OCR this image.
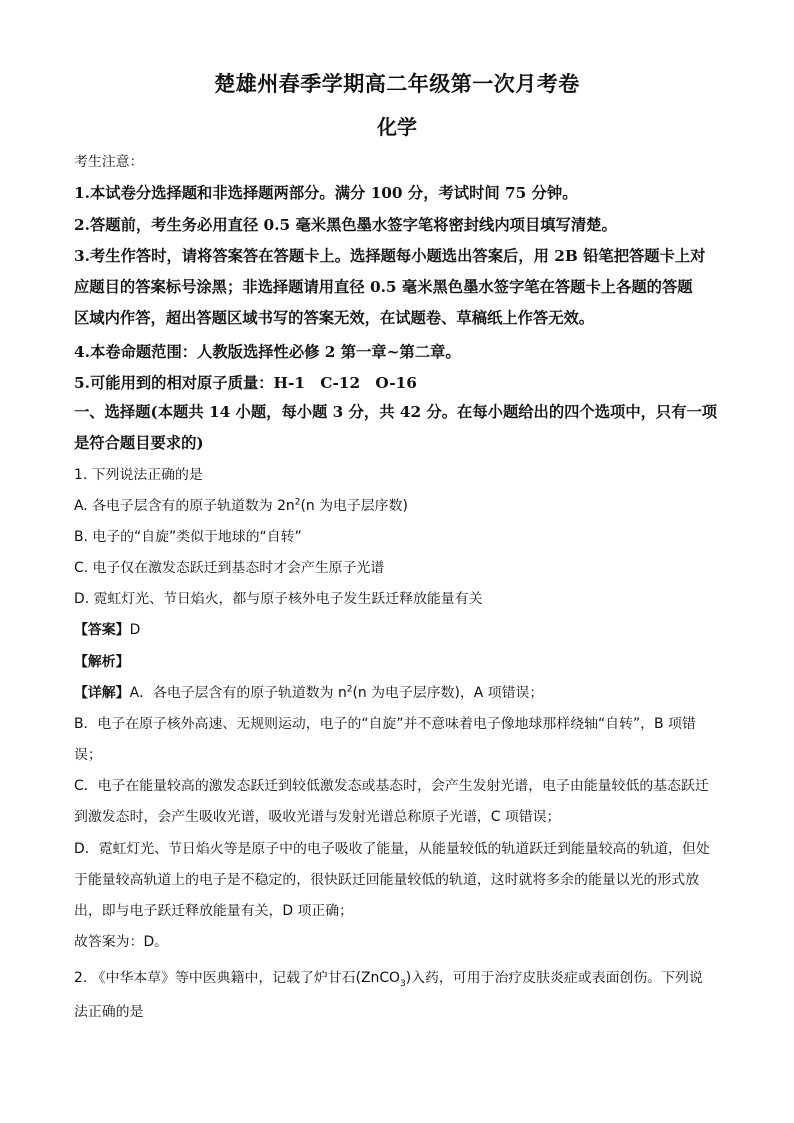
楚雄州春季学期高二年级第一次月考卷
化学
考生注意：
1.本试卷分选择题和非选择题两部分。满分 100 分，考试时间 75 分钟。
2.答题前，考生务必用直径 0.5 毫米黑色墨水签字笔将密封线内项目填写清楚。
3.考生作答时，请将答案答在答题卡上。选择题每小题选出答案后，用 2B 铅笔把答题卡上对
应题目的答案标号涂黑；非选择题请用直径 0.5 毫米黑色墨水签字笔在答题卡上各题的答题
区域内作答，超出答题区域书写的答案无效，在试题卷、草稿纸上作答无效。
4.本卷命题范围：人教版选择性必修 2 第一章~第二章。
5.可能用到的相对原子质量：H-1　C-12　O-16
一、选择题(本题共 14 小题，每小题 3 分，共 42 分。在每小题给出的四个选项中，只有一项
是符合题目要求的)
1. 下列说法正确的是
A. 各电子层含有的原子轨道数为 $2n^2(n$ 为电子层序数)
B. 电子的“自旋”类似于地球的“自转”
C. 电子仅在激发态跃迁到基态时才会产生原子光谱
D. 霓虹灯光、节日焰火，都与原子核外电子发生跃迁释放能量有关
【答案】D
【解析】
【详解】A．各电子层含有的原子轨道数为 $n^2(n$ 为电子层序数)，A 项错误；
B．电子在原子核外高速、无规则运动，电子的“自旋”并不意味着电子像地球那样绕轴“自转”，B 项错
误；
C．电子在能量较高的激发态跃迁到较低激发态或基态时，会产生发射光谱，电子由能量较低的基态跃迁
到激发态时，会产生吸收光谱，吸收光谱与发射光谱总称原子光谱，C 项错误；
D．霓虹灯光、节日焰火等是原子中的电子吸收了能量，从能量较低的轨道跃迁到能量较高的轨道，但处
于能量较高轨道上的电子是不稳定的，很快跃迁回能量较低的轨道，这时就将多余的能量以光的形式放
出，即与电子跃迁释放能量有关，D 项正确；
故答案为：D。
2. 《中华本草》等中医典籍中，记载了炉甘石(ZnCO$_3$)入药，可用于治疗皮肤炎症或表面创伤。下列说
法正确的是
